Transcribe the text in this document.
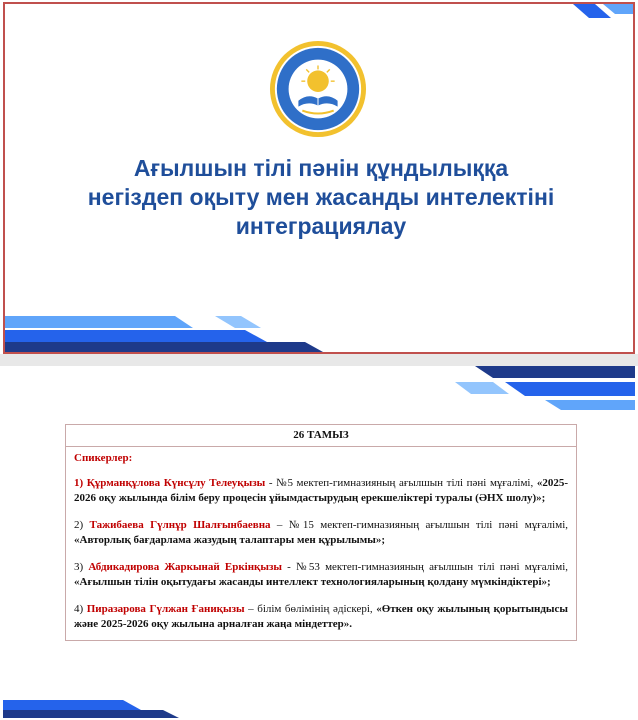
Ағылшын тілі пәнін құндылыққа
негіздеп оқыту мен жасанды интелектіні
интеграциялау
26 ТАМЫЗ
Спикерлер:
1) Құрманқұлова Күнсұлу Телеуқызы - №5 мектеп-гимназияның ағылшын тілі пәні мұғалімі, «2025-2026 оқу жылында білім беру процесін ұйымдастырудың ерекшеліктері туралы (ӘНХ шолу)»;
2) Тажибаева Гүлнұр Шалғынбаевна – №15 мектеп-гимназияның ағылшын тілі пәні мұғалімі, «Авторлық бағдарлама жазудың талаптары мен құрылымы»;
3) Абдикадирова Жаркынай Еркінқызы - №53 мектеп-гимназияның ағылшын тілі пәні мұғалімі, «Ағылшын тілін оқытудағы жасанды интеллект технологияларының қолдану мүмкіндіктері»;
4) Пиразарова Гүлжан Ғаниқызы – білім бөлімінің әдіскері, «Өткен оқу жылының қорытындысы және 2025-2026 оқу жылына арналған жаңа міндеттер».
